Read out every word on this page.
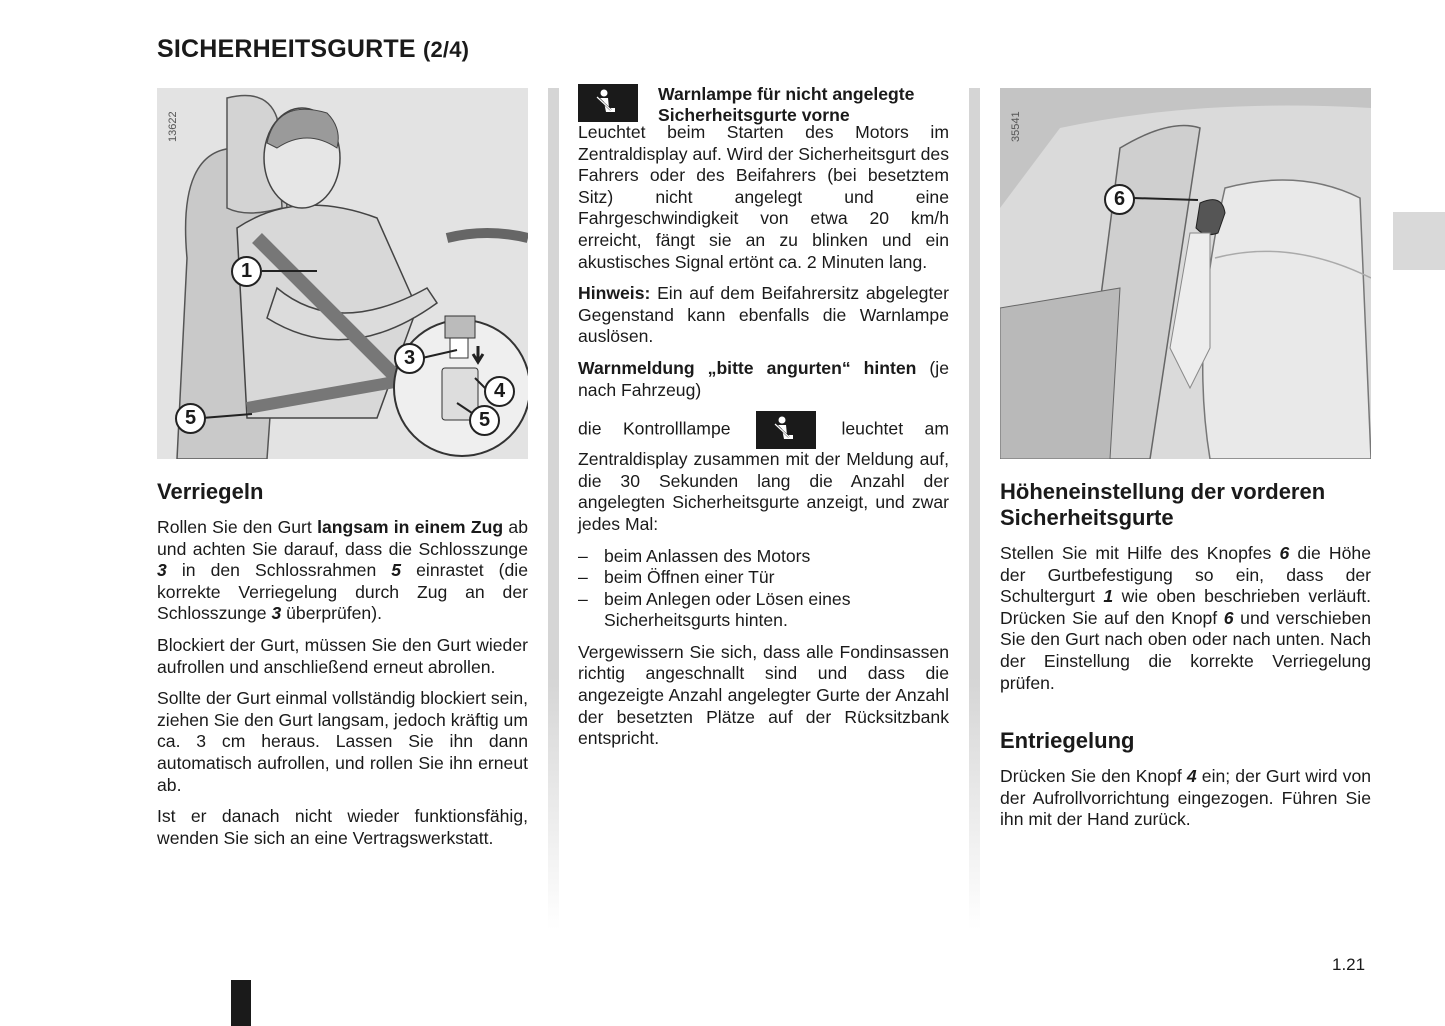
SICHERHEITSGURTE (2/4)
13622
1
3
4
5	5
Verriegeln

Rollen Sie den Gurt langsam in einem Zug ab und achten Sie darauf, dass die Schlosszunge 3 in den Schlossrahmen 5 einrastet (die korrekte Verriegelung durch Zug an der Schlosszunge 3 überprüfen).

Blockiert der Gurt, müssen Sie den Gurt wieder aufrollen und anschließend erneut abrollen.

Sollte der Gurt einmal vollständig blockiert sein, ziehen Sie den Gurt langsam, jedoch kräftig um ca. 3 cm heraus. Lassen Sie ihn dann automatisch aufrollen, und rollen Sie ihn erneut ab.

Ist er danach nicht wieder funktionsfähig, wenden Sie sich an eine Vertragswerkstatt.

Warnlampe für nicht angelegte Sicherheitsgurte vorne

Leuchtet beim Starten des Motors im Zentraldisplay auf. Wird der Sicherheitsgurt des Fahrers oder des Beifahrers (bei besetztem Sitz) nicht angelegt und eine Fahrgeschwindigkeit von etwa 20 km/h erreicht, fängt sie an zu blinken und ein akustisches Signal ertönt ca. 2 Minuten lang.

Hinweis: Ein auf dem Beifahrersitz abgelegter Gegenstand kann ebenfalls die Warnlampe auslösen.

Warnmeldung „bitte angurten“ hinten (je nach Fahrzeug)

die Kontrolllampe	leuchtet am Zentraldisplay zusammen mit der Meldung auf, die 30 Sekunden lang die Anzahl der angelegten Sicherheitsgurte anzeigt, und zwar jedes Mal:

– beim Anlassen des Motors
– beim Öffnen einer Tür
– beim Anlegen oder Lösen eines Sicherheitsgurts hinten.

Vergewissern Sie sich, dass alle Fondinsassen richtig angeschnallt sind und dass die angezeigte Anzahl angelegter Gurte der Anzahl der besetzten Plätze auf der Rücksitzbank entspricht.

35541
6
Höheneinstellung der vorderen Sicherheitsgurte

Stellen Sie mit Hilfe des Knopfes 6 die Höhe der Gurtbefestigung so ein, dass der Schultergurt 1 wie oben beschrieben verläuft. Drücken Sie auf den Knopf 6 und verschieben Sie den Gurt nach oben oder nach unten. Nach der Einstellung die korrekte Verriegelung prüfen.

Entriegelung

Drücken Sie den Knopf 4 ein; der Gurt wird von der Aufrollvorrichtung eingezogen. Führen Sie ihn mit der Hand zurück.

1.21
